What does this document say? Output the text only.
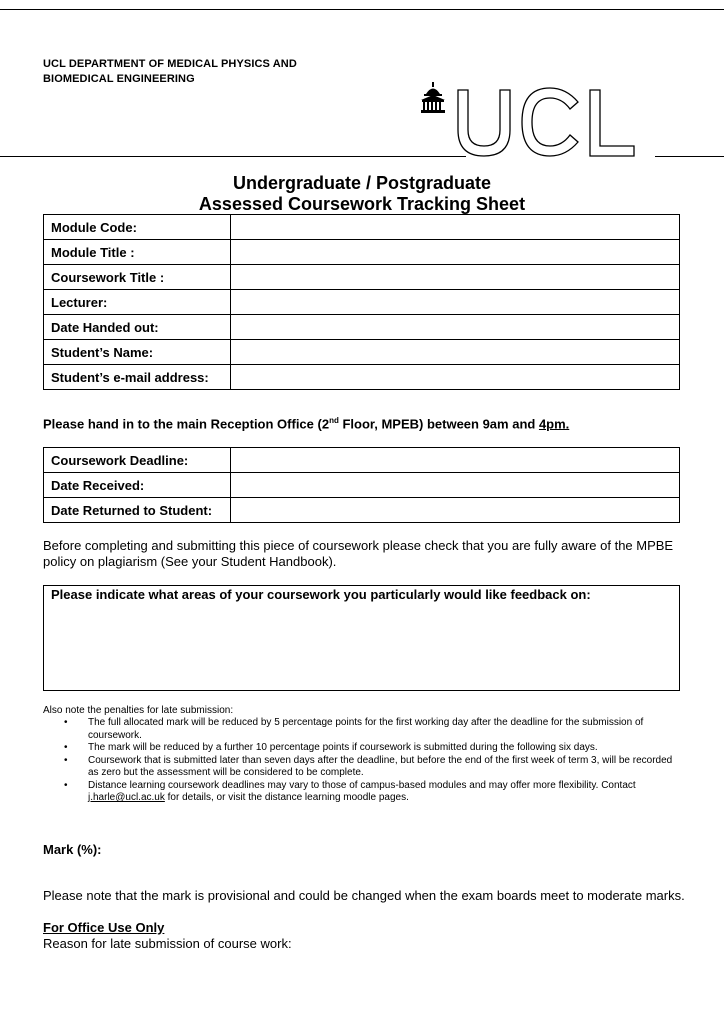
UCL DEPARTMENT OF MEDICAL PHYSICS AND
BIOMEDICAL ENGINEERING
Undergraduate / Postgraduate
Assessed Coursework Tracking Sheet
Module Code:	
Module Title :	
Coursework Title :	
Lecturer:	
Date Handed out:	
Student’s Name:	
Student’s e-mail address:	
Please hand in to the main Reception Office (2nd Floor, MPEB) between 9am and 4pm.
Coursework Deadline:	
Date Received:	
Date Returned to Student:	
Before completing and submitting this piece of coursework please check that you are fully aware of the MPBE policy on plagiarism (See your Student Handbook).
Please indicate what areas of your coursework you particularly would like feedback on:
Also note the penalties for late submission:
• The full allocated mark will be reduced by 5 percentage points for the first working day after the deadline for the submission of coursework.
• The mark will be reduced by a further 10 percentage points if coursework is submitted during the following six days.
• Coursework that is submitted later than seven days after the deadline, but before the end of the first week of term 3, will be recorded as zero but the assessment will be considered to be complete.
• Distance learning coursework deadlines may vary to those of campus-based modules and may offer more flexibility. Contact j.harle@ucl.ac.uk for details, or visit the distance learning moodle pages.
Mark (%):
Please note that the mark is provisional and could be changed when the exam boards meet to moderate marks.
For Office Use Only
Reason for late submission of course work:
